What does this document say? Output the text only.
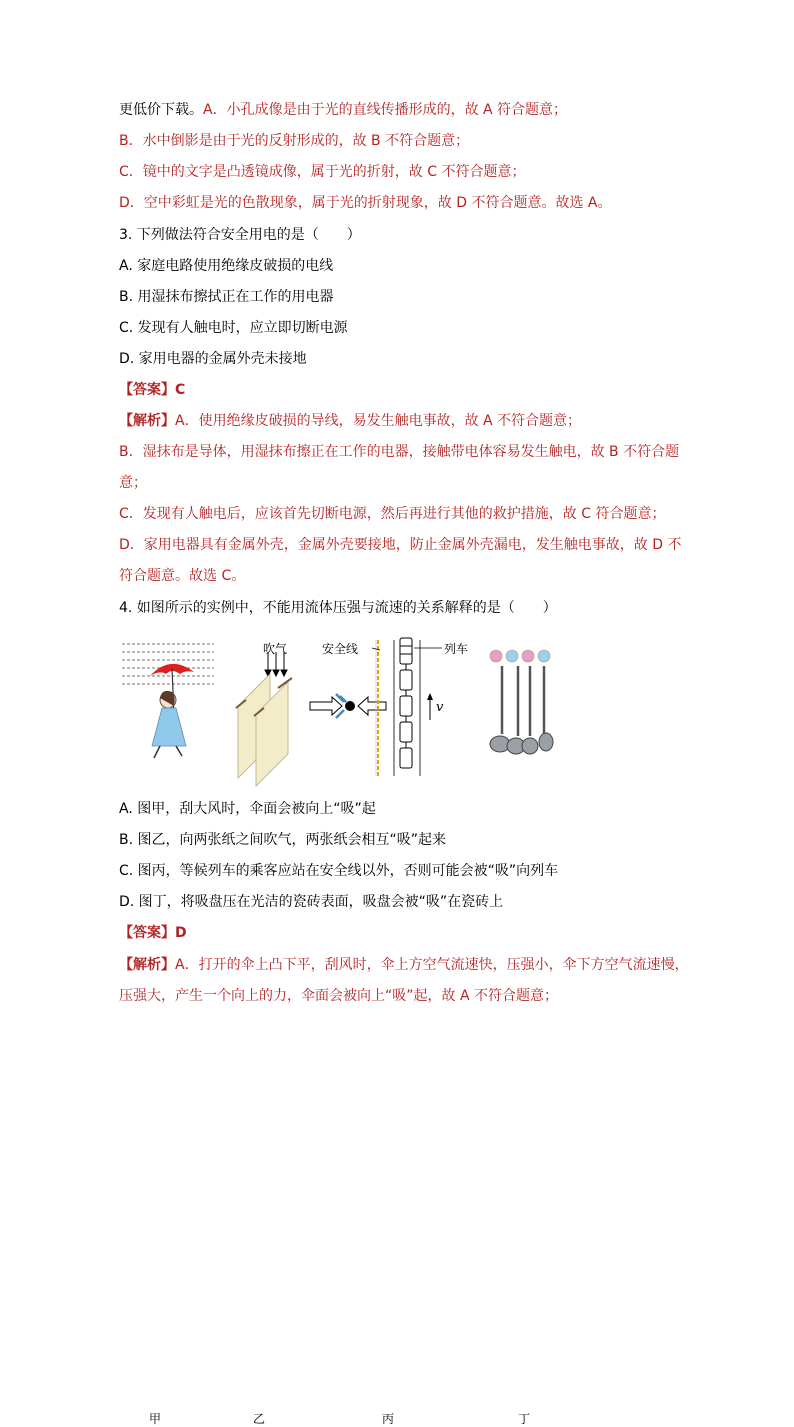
更低价下载。A．小孔成像是由于光的直线传播形成的，故 A 符合题意；
B．水中倒影是由于光的反射形成的，故 B 不符合题意；
C．镜中的文字是凸透镜成像，属于光的折射，故 C 不符合题意；
D．空中彩虹是光的色散现象，属于光的折射现象，故 D 不符合题意。故选 A。
3. 下列做法符合安全用电的是（　　）
A. 家庭电路使用绝缘皮破损的电线
B. 用湿抹布擦拭正在工作的用电器
C. 发现有人触电时，应立即切断电源
D. 家用电器的金属外壳未接地
【答案】C
【解析】A．使用绝缘皮破损的导线，易发生触电事故，故 A 不符合题意；
B．湿抹布是导体，用湿抹布擦正在工作的电器，接触带电体容易发生触电，故 B 不符合题
意；
C．发现有人触电后，应该首先切断电源，然后再进行其他的救护措施，故 C 符合题意；
D．家用电器具有金属外壳，金属外壳要接地，防止金属外壳漏电，发生触电事故，故 D 不
符合题意。故选 C。
4. 如图所示的实例中，不能用流体压强与流速的关系解释的是（　　）
吹气	安全线	列车
v
甲	乙	丙	丁
A. 图甲，刮大风时，伞面会被向上“吸”起
B. 图乙，向两张纸之间吹气，两张纸会相互“吸”起来
C. 图丙，等候列车的乘客应站在安全线以外，否则可能会被“吸”向列车
D. 图丁，将吸盘压在光洁的瓷砖表面，吸盘会被“吸”在瓷砖上
【答案】D
【解析】A．打开的伞上凸下平，刮风时，伞上方空气流速快，压强小，伞下方空气流速慢，
压强大，产生一个向上的力，伞面会被向上“吸”起，故 A 不符合题意；
